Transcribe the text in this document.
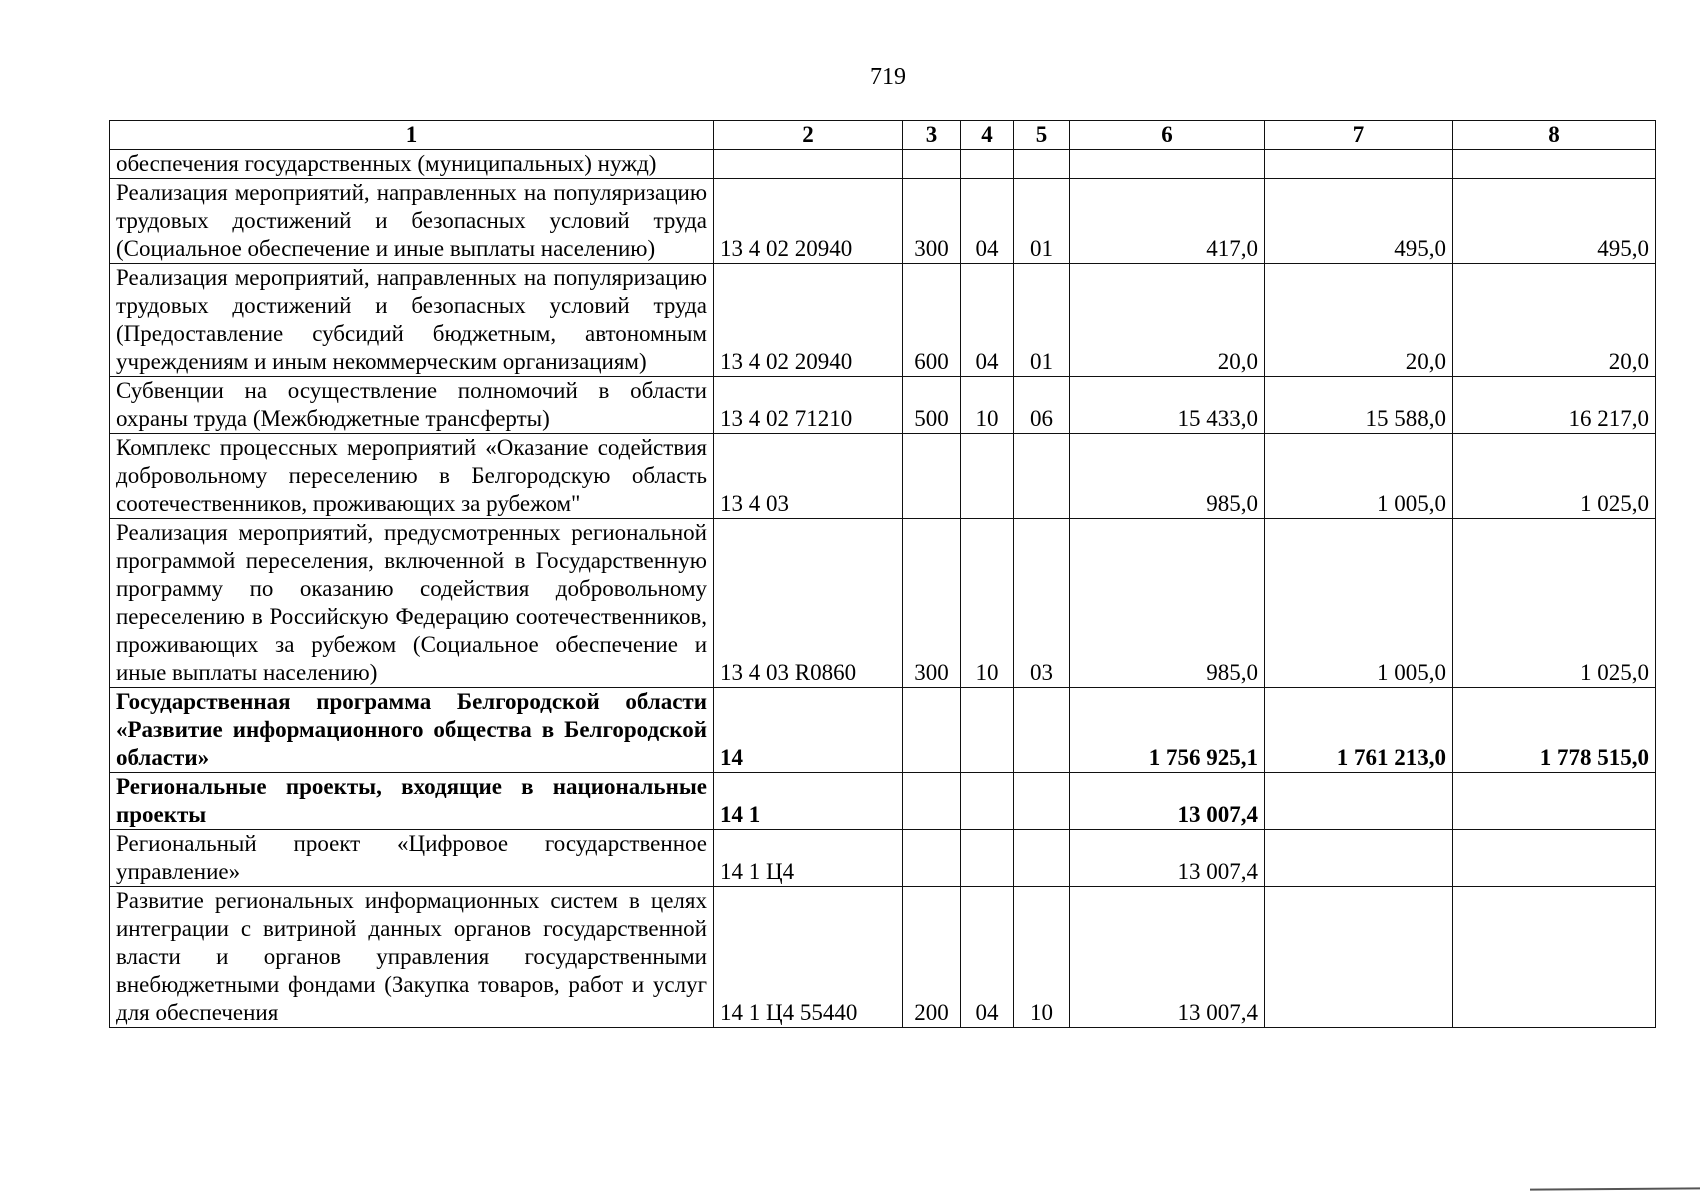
719
1	2	3	4	5	6	7	8
обеспечения государственных (муниципальных) нужд)							
Реализация мероприятий, направленных на популяризацию трудовых достижений и безопасных условий труда (Социальное обеспечение и иные выплаты населению)	13 4 02 20940	300	04	01	417,0	495,0	495,0
Реализация мероприятий, направленных на популяризацию трудовых достижений и безопасных условий труда (Предоставление субсидий бюджетным, автономным учреждениям и иным некоммерческим организациям)	13 4 02 20940	600	04	01	20,0	20,0	20,0
Субвенции на осуществление полномочий в области охраны труда (Межбюджетные трансферты)	13 4 02 71210	500	10	06	15 433,0	15 588,0	16 217,0
Комплекс процессных мероприятий «Оказание содействия добровольному переселению в Белгородскую область соотечественников, проживающих за рубежом"	13 4 03				985,0	1 005,0	1 025,0
Реализация мероприятий, предусмотренных региональной программой переселения, включенной в Государственную программу по оказанию содействия добровольному переселению в Российскую Федерацию соотечественников, проживающих за рубежом (Социальное обеспечение и иные выплаты населению)	13 4 03 R0860	300	10	03	985,0	1 005,0	1 025,0
Государственная программа Белгородской области «Развитие информационного общества в Белгородской области»	14				1 756 925,1	1 761 213,0	1 778 515,0
Региональные проекты, входящие в национальные проекты	14 1				13 007,4		
Региональный проект «Цифровое государственное управление»	14 1 Ц4				13 007,4		
Развитие региональных информационных систем в целях интеграции с витриной данных органов государственной власти и органов управления государственными внебюджетными фондами (Закупка товаров, работ и услуг для обеспечения	14 1 Ц4 55440	200	04	10	13 007,4		
